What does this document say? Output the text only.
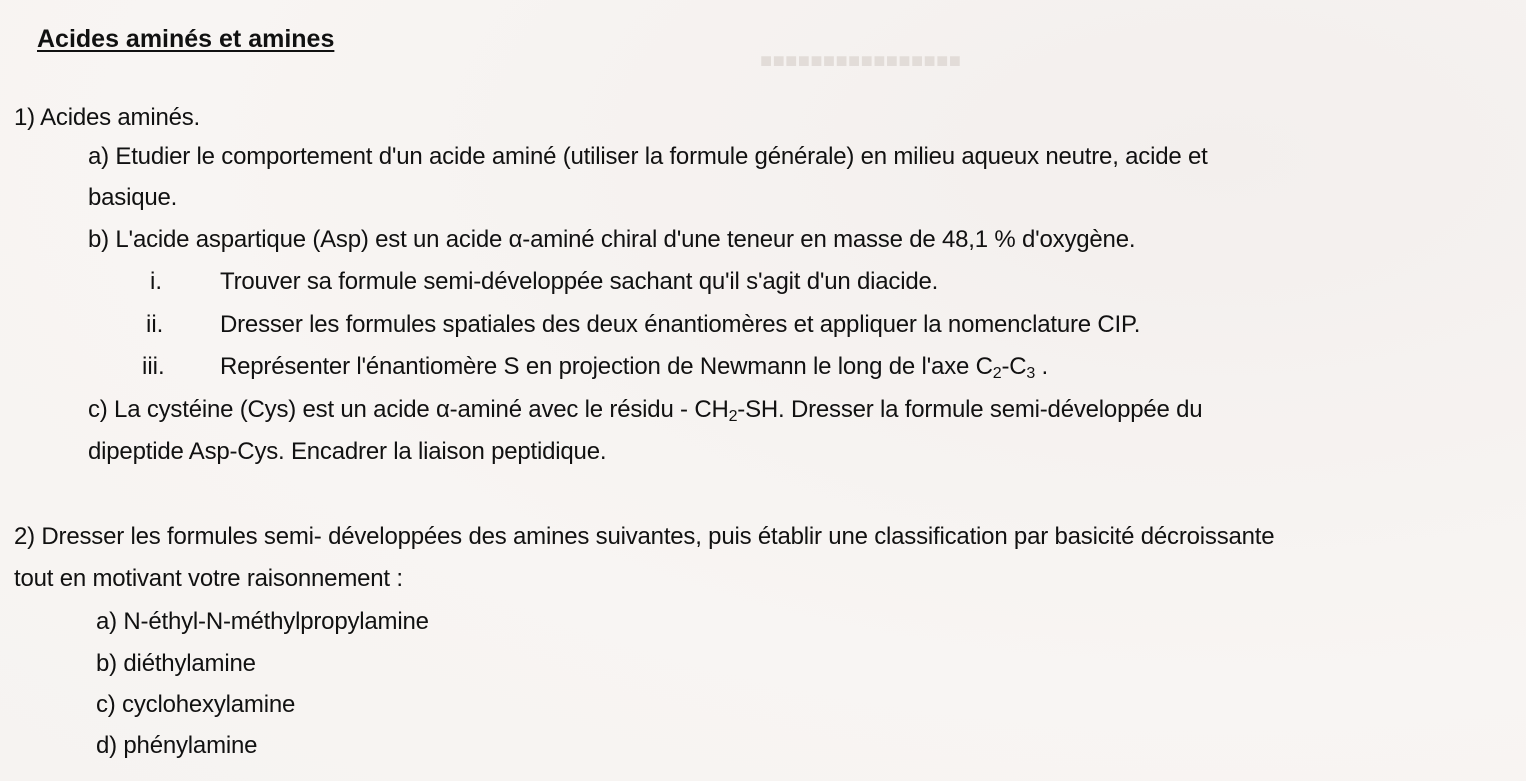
■■■■■■■■■■■■■■■■
Acides aminés et amines
1) Acides aminés.
a) Etudier le comportement d'un acide aminé (utiliser la formule générale) en milieu aqueux neutre, acide et
basique.
b) L'acide aspartique (Asp) est un acide α-aminé chiral d'une teneur en masse de 48,1 % d'oxygène.
i. Trouver sa formule semi-développée sachant qu'il s'agit d'un diacide.
ii. Dresser les formules spatiales des deux énantiomères et appliquer la nomenclature CIP.
iii. Représenter l'énantiomère S en projection de Newmann le long de l'axe $C_2-C_3$ .
c) La cystéine (Cys) est un acide α-aminé avec le résidu - $CH_2-SH$. Dresser la formule semi-développée du
dipeptide Asp-Cys. Encadrer la liaison peptidique.
2) Dresser les formules semi- développées des amines suivantes, puis établir une classification par basicité décroissante
tout en motivant votre raisonnement :
a) N-éthyl-N-méthylpropylamine
b) diéthylamine
c) cyclohexylamine
d) phénylamine
